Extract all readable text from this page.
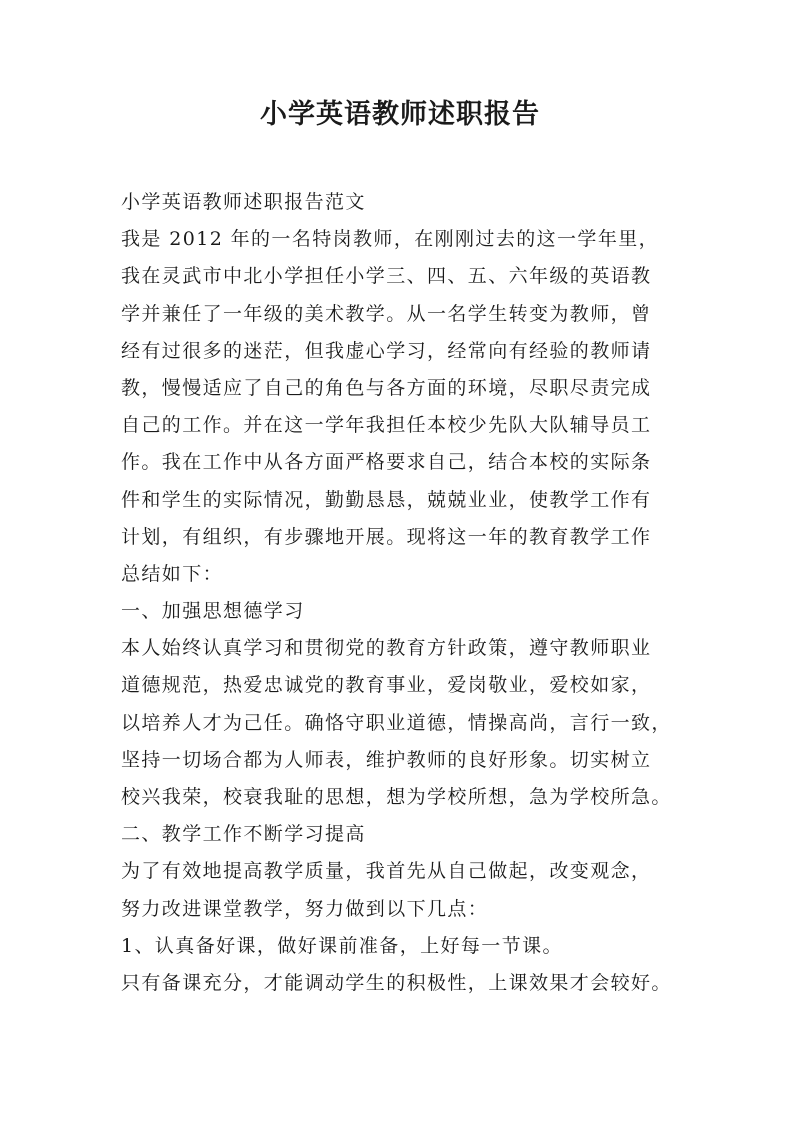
小学英语教师述职报告
小学英语教师述职报告范文
我是 2012 年的一名特岗教师，在刚刚过去的这一学年里，
我在灵武市中北小学担任小学三、四、五、六年级的英语教
学并兼任了一年级的美术教学。从一名学生转变为教师，曾
经有过很多的迷茫，但我虚心学习，经常向有经验的教师请
教，慢慢适应了自己的角色与各方面的环境，尽职尽责完成
自己的工作。并在这一学年我担任本校少先队大队辅导员工
作。我在工作中从各方面严格要求自己，结合本校的实际条
件和学生的实际情况，勤勤恳恳，兢兢业业，使教学工作有
计划，有组织，有步骤地开展。现将这一年的教育教学工作
总结如下：
一、加强思想德学习
本人始终认真学习和贯彻党的教育方针政策，遵守教师职业
道德规范，热爱忠诚党的教育事业，爱岗敬业，爱校如家，
以培养人才为己任。确恪守职业道德，情操高尚，言行一致，
坚持一切场合都为人师表，维护教师的良好形象。切实树立
校兴我荣，校衰我耻的思想，想为学校所想，急为学校所急。
二、教学工作不断学习提高
为了有效地提高教学质量，我首先从自己做起，改变观念，
努力改进课堂教学，努力做到以下几点：
1、认真备好课，做好课前准备，上好每一节课。
只有备课充分，才能调动学生的积极性，上课效果才会较好。
